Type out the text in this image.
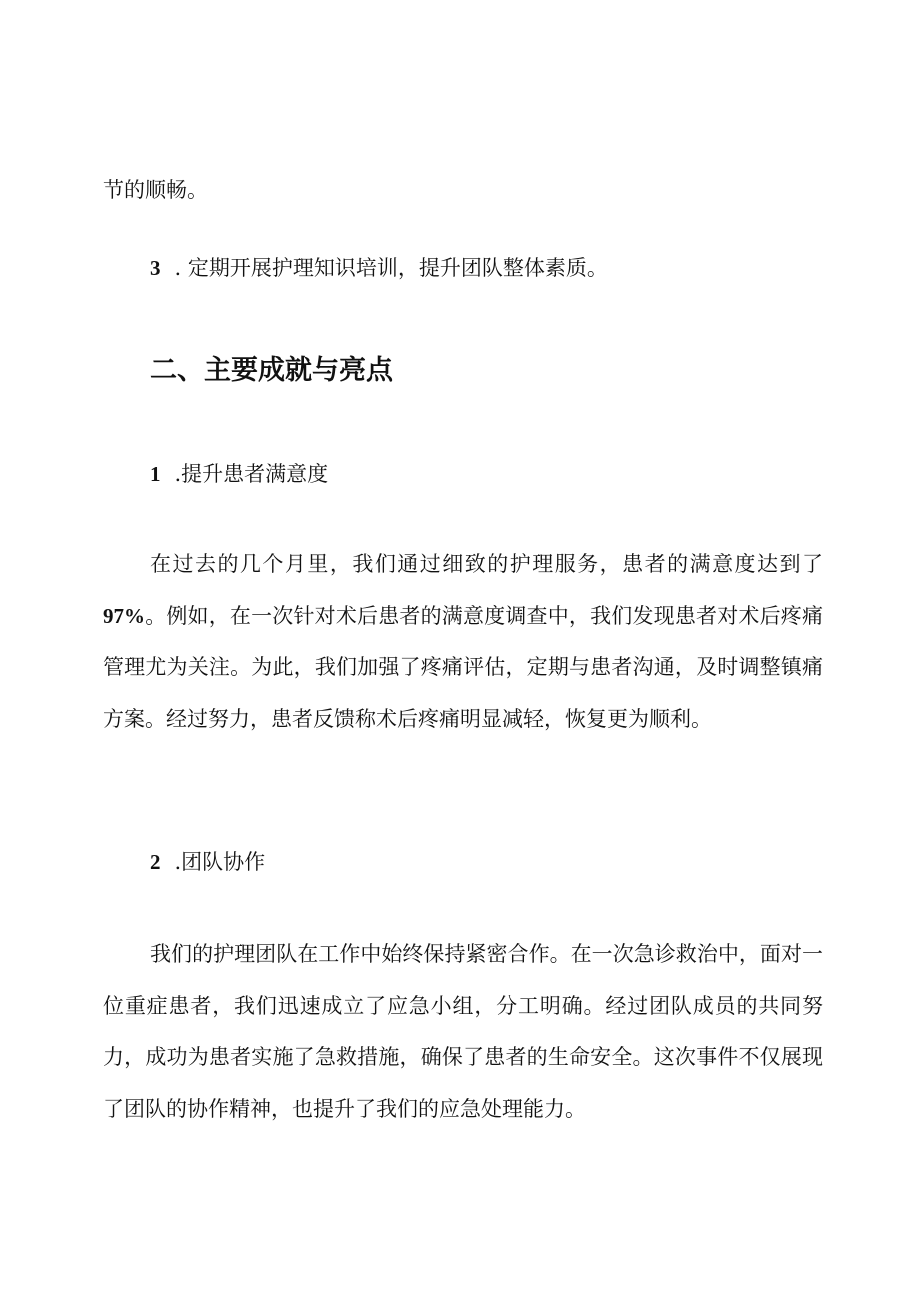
节的顺畅。

3 . 定期开展护理知识培训，提升团队整体素质。

二、主要成就与亮点

1 .提升患者满意度

在过去的几个月里，我们通过细致的护理服务，患者的满意度达到了97%。例如，在一次针对术后患者的满意度调查中，我们发现患者对术后疼痛管理尤为关注。为此，我们加强了疼痛评估，定期与患者沟通，及时调整镇痛方案。经过努力，患者反馈称术后疼痛明显减轻，恢复更为顺利。

2 .团队协作

我们的护理团队在工作中始终保持紧密合作。在一次急诊救治中，面对一位重症患者，我们迅速成立了应急小组，分工明确。经过团队成员的共同努力，成功为患者实施了急救措施，确保了患者的生命安全。这次事件不仅展现了团队的协作精神，也提升了我们的应急处理能力。
